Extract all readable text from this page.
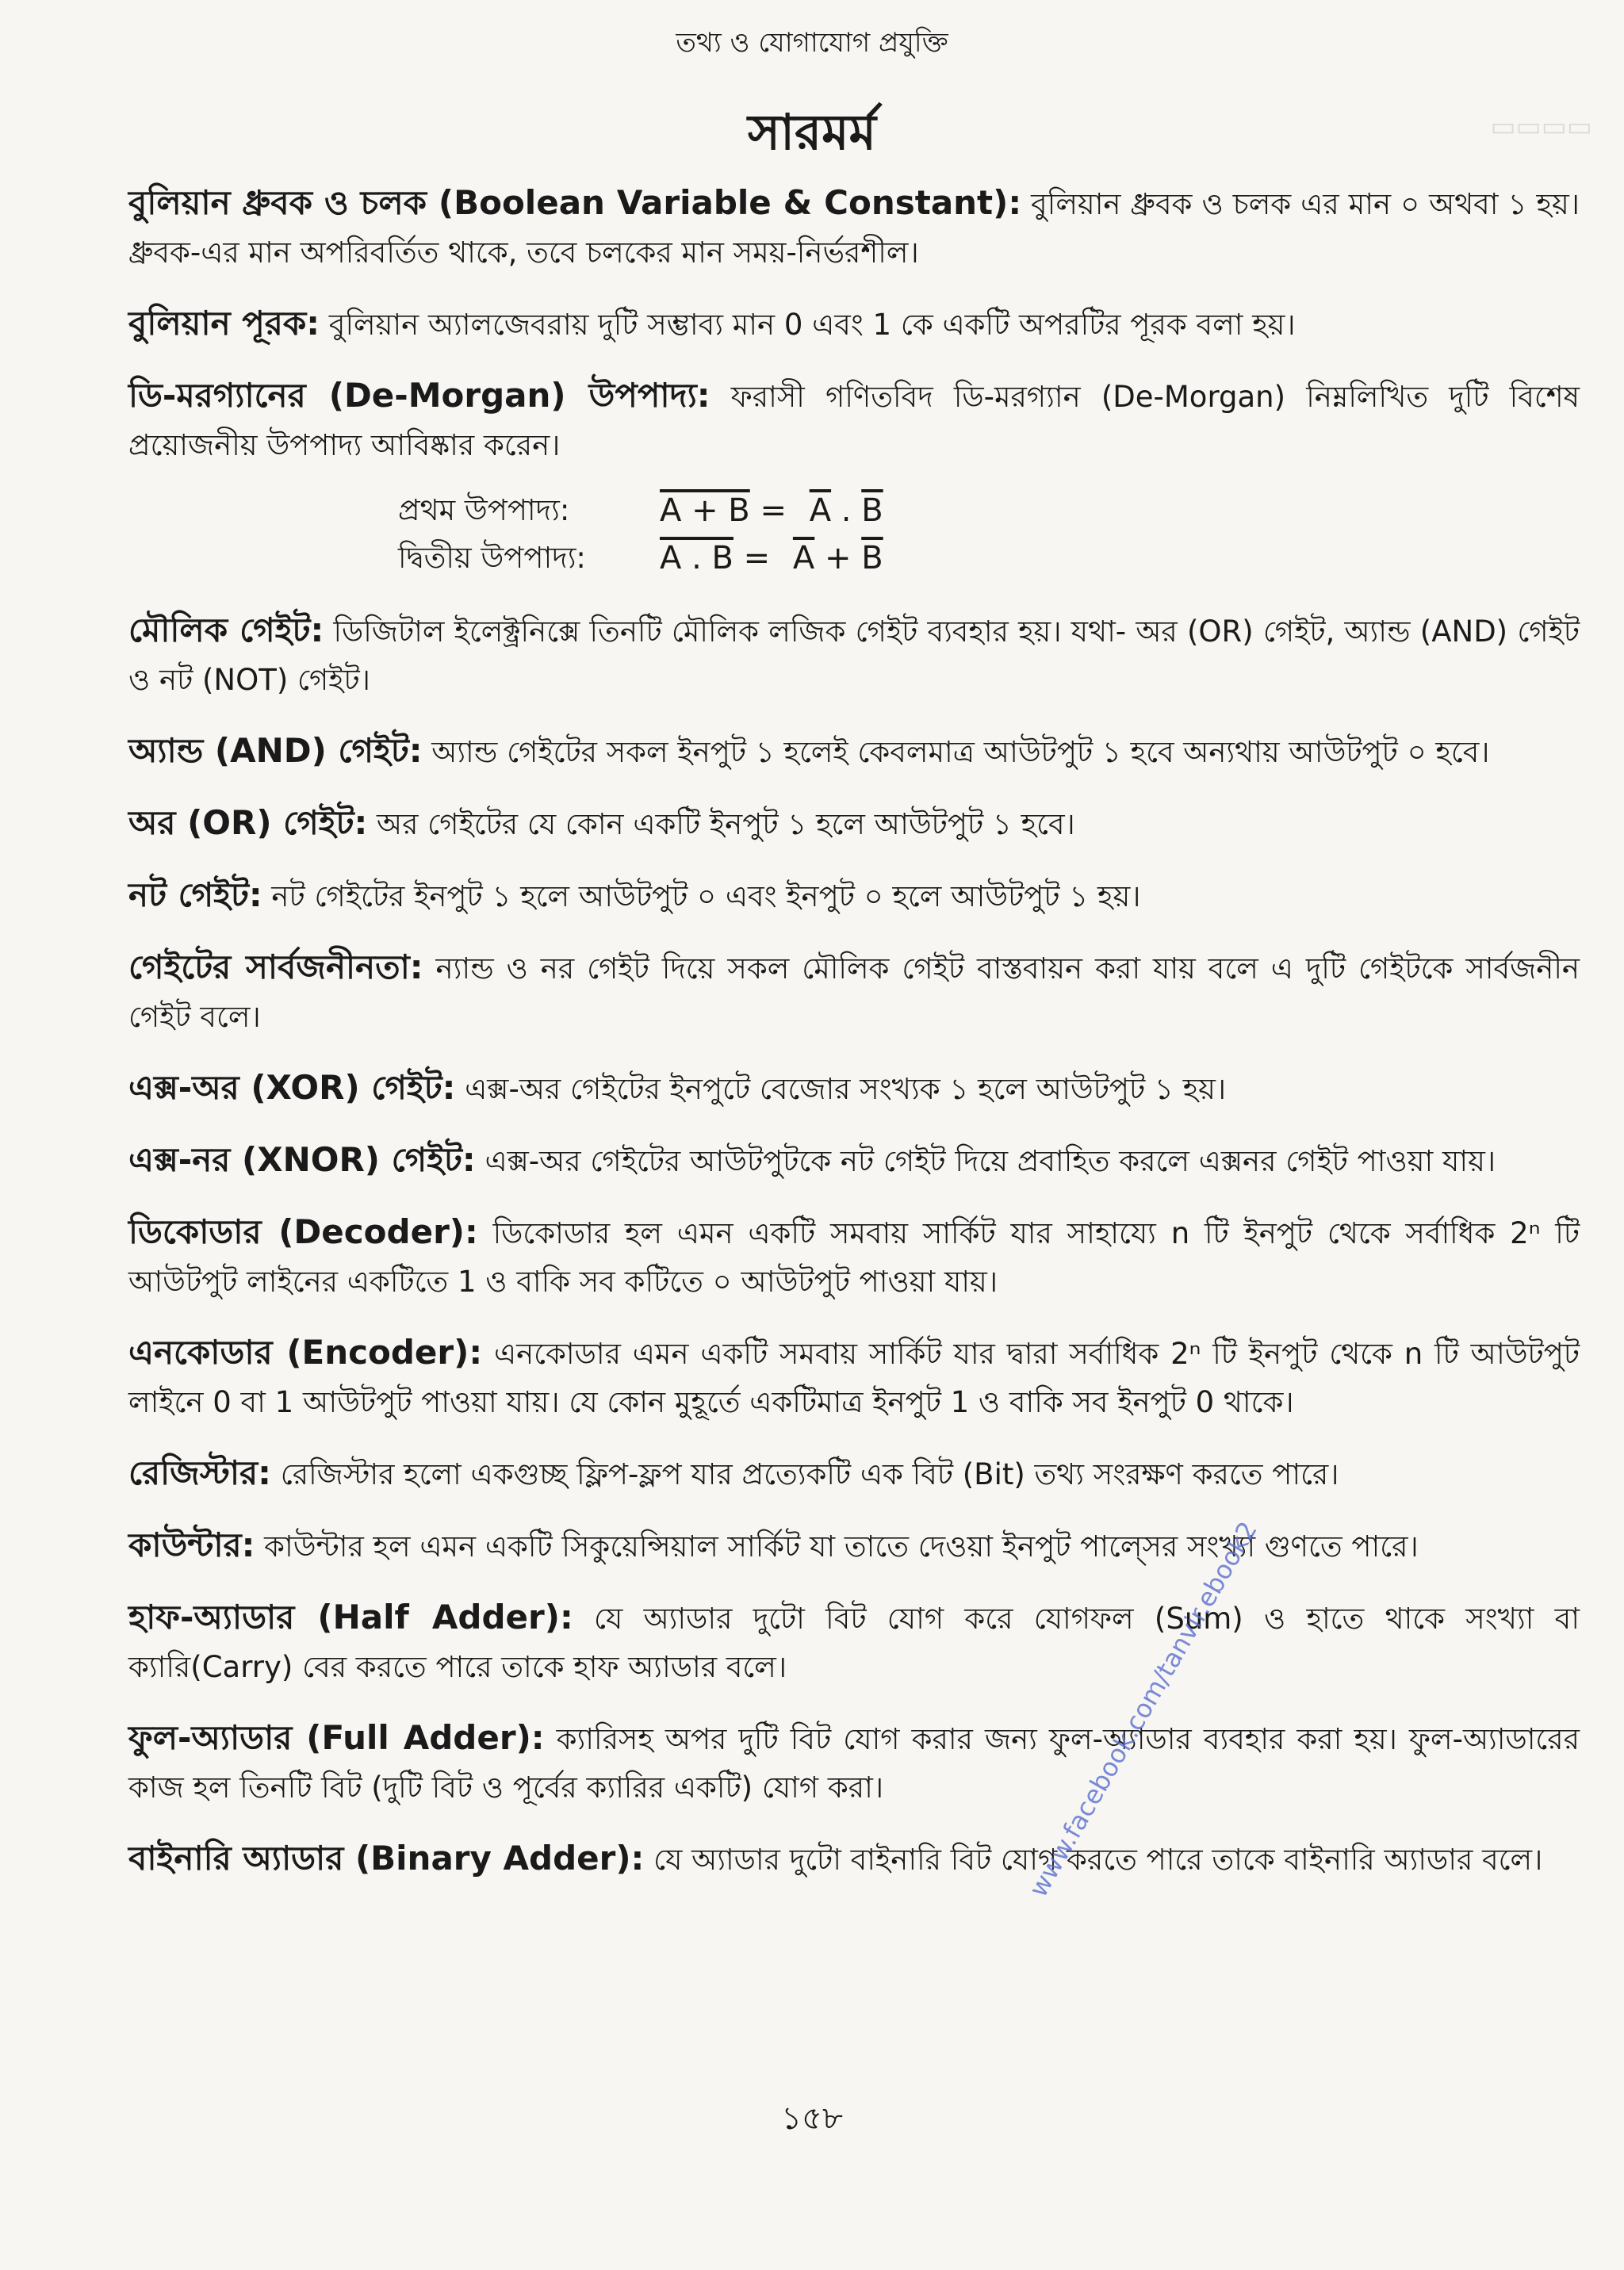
তথ্য ও যোগাযোগ প্রযুক্তি
সারমর্ম	▭▭▭▭

বুলিয়ান ধ্রুবক ও চলক (Boolean Variable & Constant): বুলিয়ান ধ্রুবক ও চলক এর মান ০ অথবা ১ হয়। ধ্রুবক-এর মান অপরিবর্তিত থাকে, তবে চলকের মান সময়-নির্ভরশীল।

বুলিয়ান পূরক: বুলিয়ান অ্যালজেবরায় দুটি সম্ভাব্য মান 0 এবং 1 কে একটি অপরটির পূরক বলা হয়।

ডি-মরগ্যানের (De-Morgan) উপপাদ্য: ফরাসী গণিতবিদ ডি-মরগ্যান (De-Morgan) নিম্নলিখিত দুটি বিশেষ প্রয়োজনীয় উপপাদ্য আবিষ্কার করেন।

প্রথম উপপাদ্য:	$A + B = \overline{A}$ . $\overline{B}$
দ্বিতীয় উপপাদ্য:	A . $B = \overline{A} + \overline{B}$

মৌলিক গেইট: ডিজিটাল ইলেক্ট্রনিক্সে তিনটি মৌলিক লজিক গেইট ব্যবহার হয়। যথা- অর (OR) গেইট, অ্যান্ড (AND) গেইট ও নট (NOT) গেইট।

অ্যান্ড (AND) গেইট: অ্যান্ড গেইটের সকল ইনপুট ১ হলেই কেবলমাত্র আউটপুট ১ হবে অন্যথায় আউটপুট ০ হবে।

অর (OR) গেইট: অর গেইটের যে কোন একটি ইনপুট ১ হলে আউটপুট ১ হবে।

নট গেইট: নট গেইটের ইনপুট ১ হলে আউটপুট ০ এবং ইনপুট ০ হলে আউটপুট ১ হয়।

গেইটের সার্বজনীনতা: ন্যান্ড ও নর গেইট দিয়ে সকল মৌলিক গেইট বাস্তবায়ন করা যায় বলে এ দুটি গেইটকে সার্বজনীন গেইট বলে।

এক্স-অর (XOR) গেইট: এক্স-অর গেইটের ইনপুটে বেজোর সংখ্যক ১ হলে আউটপুট ১ হয়।

এক্স-নর (XNOR) গেইট: এক্স-অর গেইটের আউটপুটকে নট গেইট দিয়ে প্রবাহিত করলে এক্সনর গেইট পাওয়া যায়।

ডিকোডার (Decoder): ডিকোডার হল এমন একটি সমবায় সার্কিট যার সাহায্যে n টি ইনপুট থেকে সর্বাধিক 2ⁿ টি আউটপুট লাইনের একটিতে 1 ও বাকি সব কটিতে ০ আউটপুট পাওয়া যায়।

এনকোডার (Encoder): এনকোডার এমন একটি সমবায় সার্কিট যার দ্বারা সর্বাধিক 2ⁿ টি ইনপুট থেকে n টি আউটপুট লাইনে 0 বা 1 আউটপুট পাওয়া যায়। যে কোন মুহূর্তে একটিমাত্র ইনপুট 1 ও বাকি সব ইনপুট 0 থাকে।

রেজিস্টার: রেজিস্টার হলো একগুচ্ছ ফ্লিপ-ফ্লপ যার প্রত্যেকটি এক বিট (Bit) তথ্য সংরক্ষণ করতে পারে।

কাউন্টার: কাউন্টার হল এমন একটি সিকুয়েন্সিয়াল সার্কিট যা তাতে দেওয়া ইনপুট পাল্সের সংখ্যা গুণতে পারে।

হাফ-অ্যাডার (Half Adder): যে অ্যাডার দুটো বিট যোগ করে যোগফল (Sum) ও হাতে থাকে সংখ্যা বা ক্যারি(Carry) বের করতে পারে তাকে হাফ অ্যাডার বলে।

ফুল-অ্যাডার (Full Adder): ক্যারিসহ অপর দুটি বিট যোগ করার জন্য ফুল-অ্যাডার ব্যবহার করা হয়। ফুল-অ্যাডারের কাজ হল তিনটি বিট (দুটি বিট ও পূর্বের ক্যারির একটি) যোগ করা।

বাইনারি অ্যাডার (Binary Adder): যে অ্যাডার দুটো বাইনারি বিট যোগ করতে পারে তাকে বাইনারি অ্যাডার বলে।

www.facebook.com/tanvir.ebook2
১৫৮
